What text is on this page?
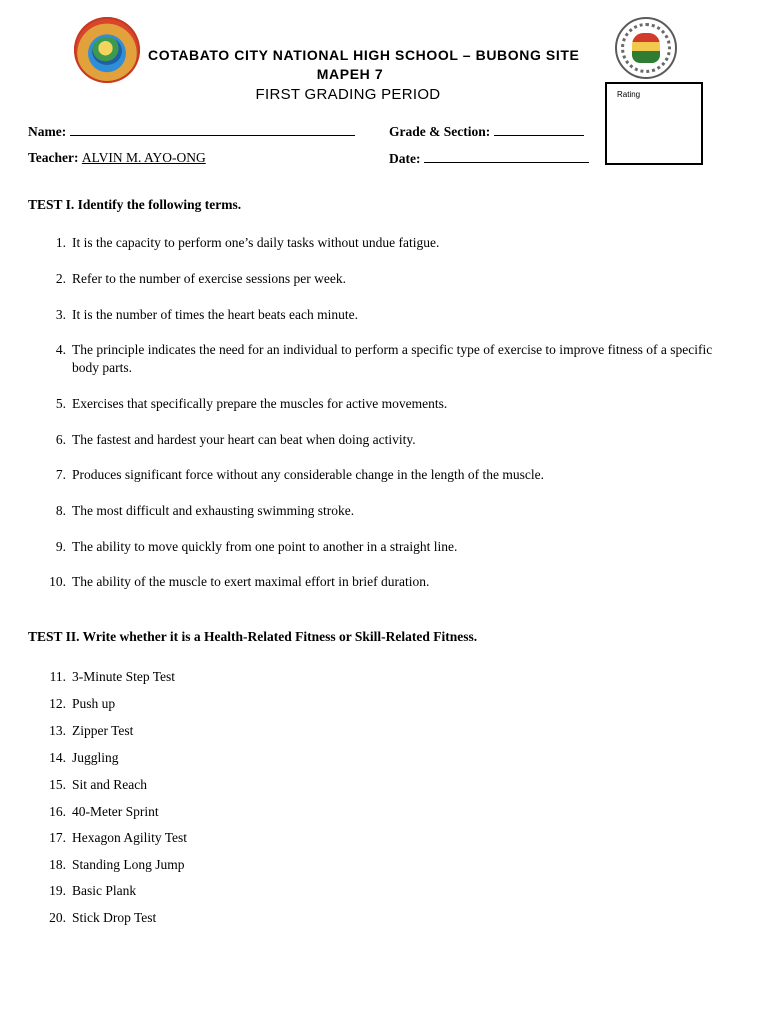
COTABATO CITY NATIONAL HIGH SCHOOL – BUBONG SITE
MAPEH 7
FIRST GRADING PERIOD	Rating
Name:
Teacher: ALVIN M. AYO-ONG
Grade & Section:
Date:
TEST I. Identify the following terms.
1. It is the capacity to perform one’s daily tasks without undue fatigue.
2. Refer to the number of exercise sessions per week.
3. It is the number of times the heart beats each minute.
4. The principle indicates the need for an individual to perform a specific type of exercise to improve fitness of a specific body parts.
5. Exercises that specifically prepare the muscles for active movements.
6. The fastest and hardest your heart can beat when doing activity.
7. Produces significant force without any considerable change in the length of the muscle.
8. The most difficult and exhausting swimming stroke.
9. The ability to move quickly from one point to another in a straight line.
10. The ability of the muscle to exert maximal effort in brief duration.
TEST II. Write whether it is a Health-Related Fitness or Skill-Related Fitness.
11. 3-Minute Step Test
12. Push up
13. Zipper Test
14. Juggling
15. Sit and Reach
16. 40-Meter Sprint
17. Hexagon Agility Test
18. Standing Long Jump
19. Basic Plank
20. Stick Drop Test
